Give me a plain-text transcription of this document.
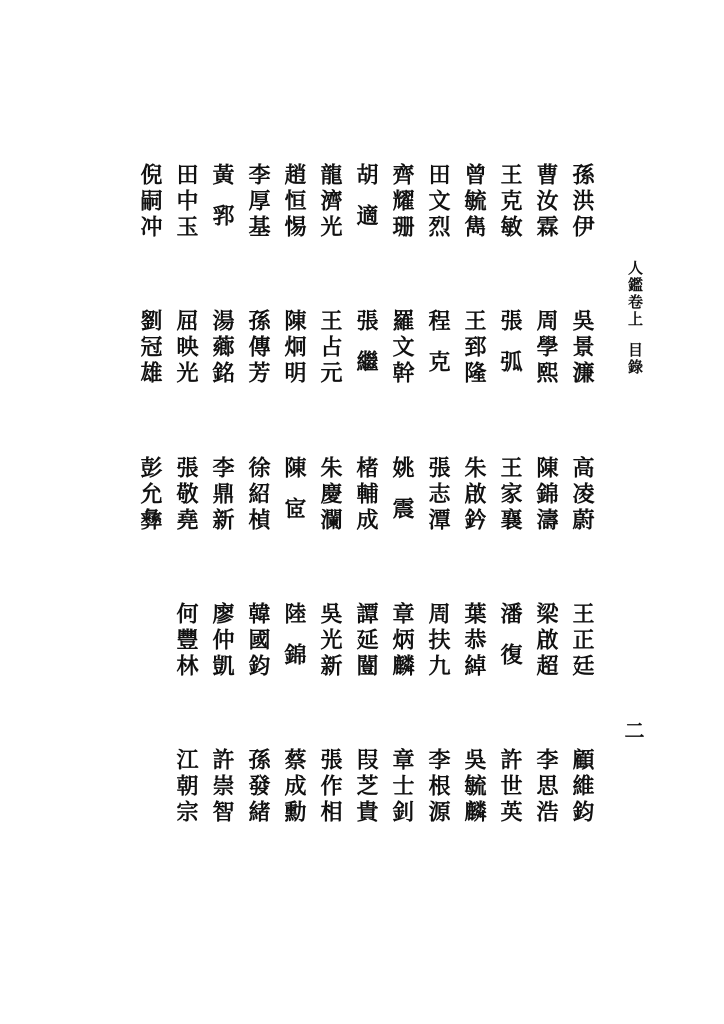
人鑑卷上目錄
二
孫洪伊
吳景濂
高凌蔚
王正廷
顧維鈞
曹汝霖
周學熙
陳錦濤
梁啟超
李思浩
王克敏
張弧
王家襄
潘復
許世英
曾毓雋
王郅隆
朱啟鈐
葉恭綽
吳毓麟
田文烈
程克
張志潭
周扶九
李根源
齊耀珊
羅文幹
姚震
章炳麟
章士釗
胡適
張繼
楮輔成
譚延闓
叚芝貴
龍濟光
王占元
朱慶瀾
吳光新
張作相
趙恒惕
陳炯明
陳宧
陸錦
蔡成勳
李厚基
孫傳芳
徐紹楨
韓國鈞
孫發緒
黃郛
湯薌銘
李鼎新
廖仲凱
許崇智
田中玉
屈映光
張敬堯
何豐林
江朝宗
倪嗣冲
劉冠雄
彭允彝
